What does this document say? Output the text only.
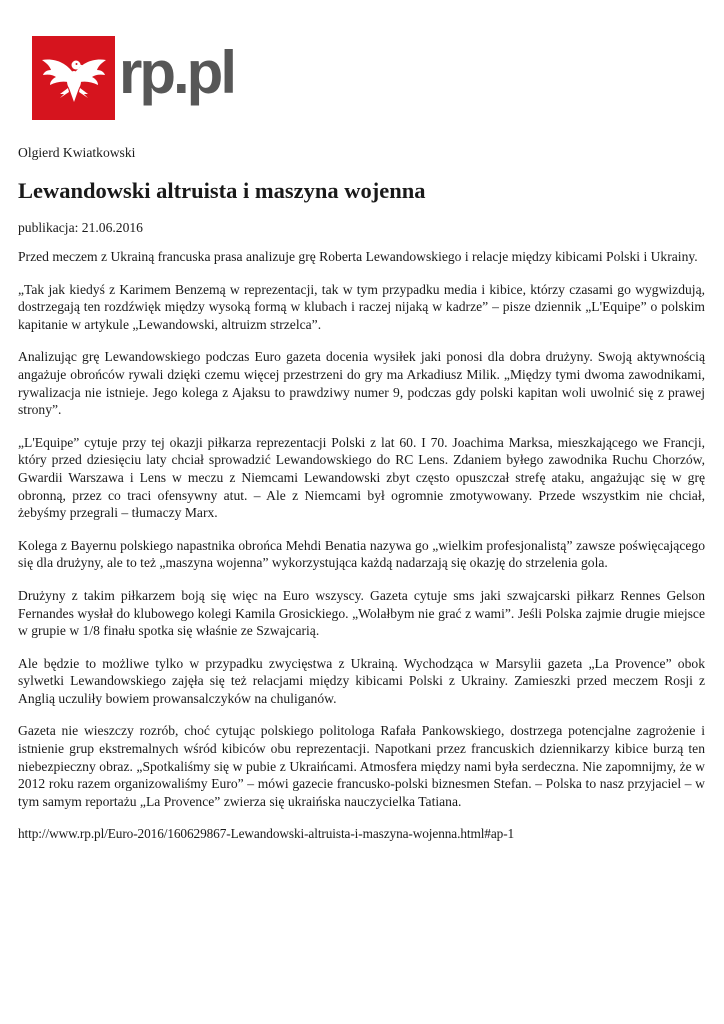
rp.pl

Olgierd Kwiatkowski

Lewandowski altruista i maszyna wojenna

publikacja: 21.06.2016

Przed meczem z Ukrainą francuska prasa analizuje grę Roberta Lewandowskiego i relacje między kibicami Polski i Ukrainy.

„Tak jak kiedyś z Karimem Benzemą w reprezentacji, tak w tym przypadku media i kibice, którzy czasami go wygwizdują, dostrzegają ten rozdźwięk między wysoką formą w klubach i raczej nijaką w kadrze” – pisze dziennik „L'Equipe” o polskim kapitanie w artykule „Lewandowski, altruizm strzelca”.

Analizując grę Lewandowskiego podczas Euro gazeta docenia wysiłek jaki ponosi dla dobra drużyny. Swoją aktywnością angażuje obrońców rywali dzięki czemu więcej przestrzeni do gry ma Arkadiusz Milik. „Między tymi dwoma zawodnikami, rywalizacja nie istnieje. Jego kolega z Ajaksu to prawdziwy numer 9, podczas gdy polski kapitan woli uwolnić się z prawej strony”.

„L'Equipe” cytuje przy tej okazji piłkarza reprezentacji Polski z lat 60. I 70. Joachima Marksa, mieszkającego we Francji, który przed dziesięciu laty chciał sprowadzić Lewandowskiego do RC Lens. Zdaniem byłego zawodnika Ruchu Chorzów, Gwardii Warszawa i Lens w meczu z Niemcami Lewandowski zbyt często opuszczał strefę ataku, angażując się w grę obronną, przez co traci ofensywny atut. – Ale z Niemcami był ogromnie zmotywowany. Przede wszystkim nie chciał, żebyśmy przegrali – tłumaczy Marx.

Kolega z Bayernu polskiego napastnika obrońca Mehdi Benatia nazywa go „wielkim profesjonalistą” zawsze poświęcającego się dla drużyny, ale to też „maszyna wojenna” wykorzystująca każdą nadarzają się okazję do strzelenia gola.

Drużyny z takim piłkarzem boją się więc na Euro wszyscy. Gazeta cytuje sms jaki szwajcarski piłkarz Rennes Gelson Fernandes wysłał do klubowego kolegi Kamila Grosickiego. „Wolałbym nie grać z wami”. Jeśli Polska zajmie drugie miejsce w grupie w 1/8 finału spotka się właśnie ze Szwajcarią.

Ale będzie to możliwe tylko w przypadku zwycięstwa z Ukrainą. Wychodząca w Marsylii gazeta „La Provence” obok sylwetki Lewandowskiego zajęła się też relacjami między kibicami Polski z Ukrainy. Zamieszki przed meczem Rosji z Anglią uczuliły bowiem prowansalczyków na chuliganów.

Gazeta nie wieszczy rozrób, choć cytując polskiego politologa Rafała Pankowskiego, dostrzega potencjalne zagrożenie i istnienie grup ekstremalnych wśród kibiców obu reprezentacji. Napotkani przez francuskich dziennikarzy kibice burzą ten niebezpieczny obraz. „Spotkaliśmy się w pubie z Ukraińcami. Atmosfera między nami była serdeczna. Nie zapomnijmy, że w 2012 roku razem organizowaliśmy Euro” – mówi gazecie francusko-polski biznesmen Stefan. – Polska to nasz przyjaciel – w tym samym reportażu „La Provence” zwierza się ukraińska nauczycielka Tatiana.

http://www.rp.pl/Euro-2016/160629867-Lewandowski-altruista-i-maszyna-wojenna.html#ap-1
